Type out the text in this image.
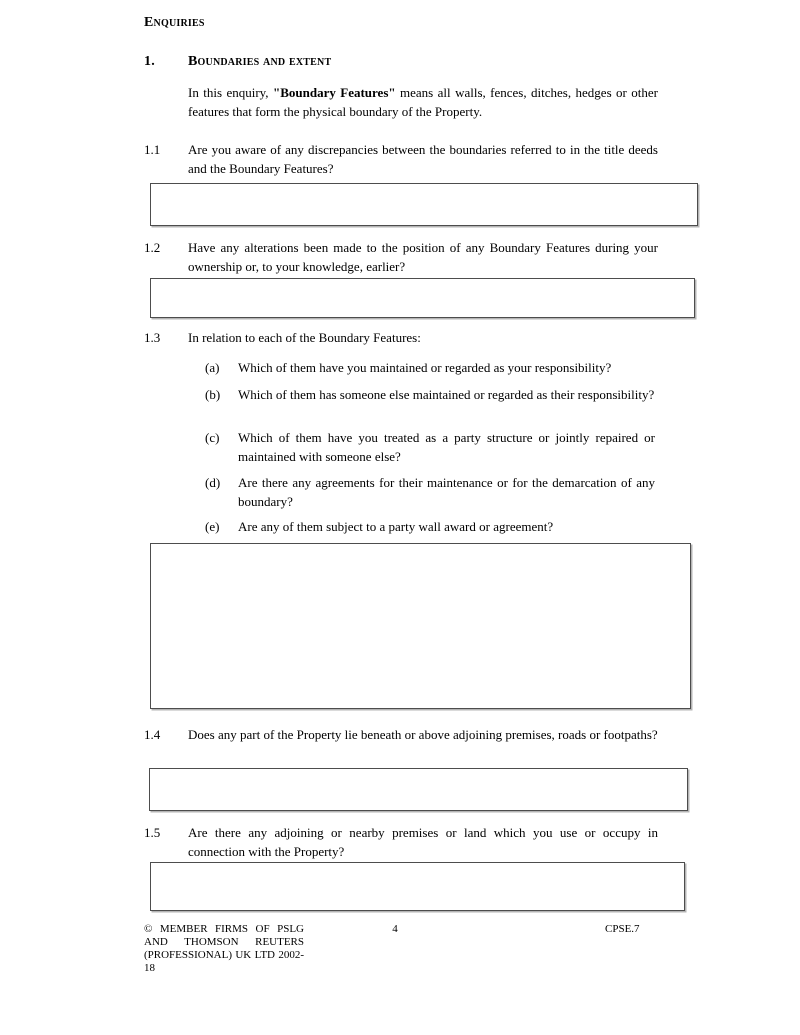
Enquiries
1. Boundaries and extent
In this enquiry, "Boundary Features" means all walls, fences, ditches, hedges or other features that form the physical boundary of the Property.
1.1 Are you aware of any discrepancies between the boundaries referred to in the title deeds and the Boundary Features?
1.2 Have any alterations been made to the position of any Boundary Features during your ownership or, to your knowledge, earlier?
1.3 In relation to each of the Boundary Features:
(a) Which of them have you maintained or regarded as your responsibility?
(b) Which of them has someone else maintained or regarded as their responsibility?
(c) Which of them have you treated as a party structure or jointly repaired or maintained with someone else?
(d) Are there any agreements for their maintenance or for the demarcation of any boundary?
(e) Are any of them subject to a party wall award or agreement?
1.4 Does any part of the Property lie beneath or above adjoining premises, roads or footpaths?
1.5 Are there any adjoining or nearby premises or land which you use or occupy in connection with the Property?
© MEMBER FIRMS OF PSLG AND THOMSON REUTERS (PROFESSIONAL) UK LTD 2002-18
4	CPSE.7
